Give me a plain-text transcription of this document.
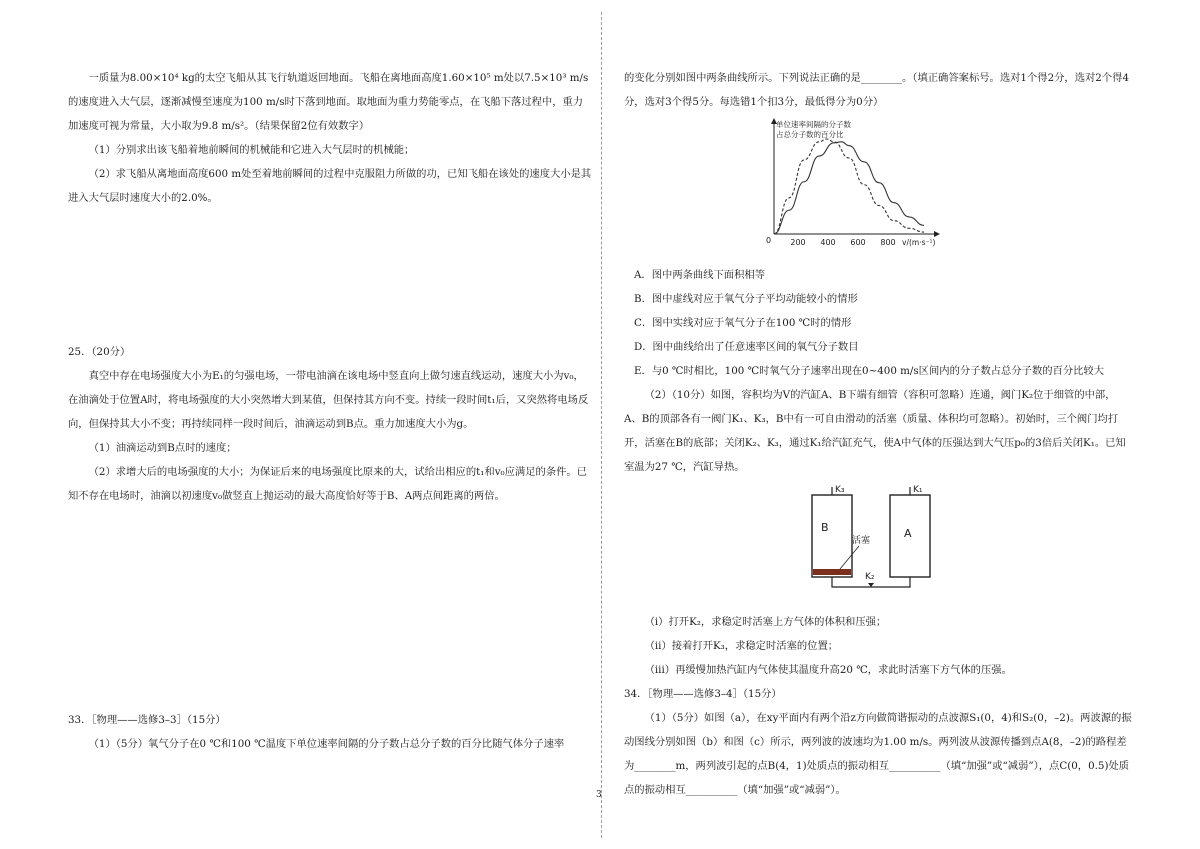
一质量为8.00×10⁴ kg的太空飞船从其飞行轨道返回地面。飞船在离地面高度1.60×10⁵ m处以7.5×10³ m/s的速度进入大气层，逐渐减慢至速度为100 m/s时下落到地面。取地面为重力势能零点，在飞船下落过程中，重力加速度可视为常量，大小取为9.8 m/s²。（结果保留2位有效数字）

（1）分别求出该飞船着地前瞬间的机械能和它进入大气层时的机械能；

（2）求飞船从离地面高度600 m处至着地前瞬间的过程中克服阻力所做的功，已知飞船在该处的速度大小是其进入大气层时速度大小的2.0%。

25．（20分）

真空中存在电场强度大小为E₁的匀强电场，一带电油滴在该电场中竖直向上做匀速直线运动，速度大小为v₀，在油滴处于位置A时，将电场强度的大小突然增大到某值，但保持其方向不变。持续一段时间t₁后，又突然将电场反向，但保持其大小不变；再持续同样一段时间后，油滴运动到B点。重力加速度大小为g。

（1）油滴运动到B点时的速度；

（2）求增大后的电场强度的大小；为保证后来的电场强度比原来的大，试给出相应的t₁和v₀应满足的条件。已知不存在电场时，油滴以初速度v₀做竖直上抛运动的最大高度恰好等于B、A两点间距离的两倍。

33．［物理——选修3–3］（15分）

（1）（5分）氧气分子在0 ℃和100 ℃温度下单位速率间隔的分子数占总分子数的百分比随气体分子速率

的变化分别如图中两条曲线所示。下列说法正确的是________。（填正确答案标号。选对1个得2分，选对2个得4分，选对3个得5分。每选错1个扣3分，最低得分为0分）

单位速率间隔的分子数
占总分子数的百分比
0 200 400 600 800 v/(m·s⁻¹)

A．图中两条曲线下面积相等

B．图中虚线对应于氧气分子平均动能较小的情形

C．图中实线对应于氧气分子在100 ℃时的情形

D．图中曲线给出了任意速率区间的氧气分子数目

E．与0 ℃时相比，100 ℃时氧气分子速率出现在0~400 m/s区间内的分子数占总分子数的百分比较大

（2）（10分）如图，容积均为V的汽缸A、B下端有细管（容积可忽略）连通，阀门K₂位于细管的中部，A、B的顶部各有一阀门K₁、K₃，B中有一可自由滑动的活塞（质量、体积均可忽略）。初始时，三个阀门均打开，活塞在B的底部；关闭K₂、K₃，通过K₁给汽缸充气，使A中气体的压强达到大气压p₀的3倍后关闭K₁。已知室温为27 ℃，汽缸导热。

K₃	K₁
K₂
B	A
活塞

（i）打开K₂，求稳定时活塞上方气体的体积和压强；

（ii）接着打开K₃，求稳定时活塞的位置；

（iii）再缓慢加热汽缸内气体使其温度升高20 ℃，求此时活塞下方气体的压强。

34．［物理——选修3–4］（15分）

（1）（5分）如图（a），在xy平面内有两个沿z方向做简谐振动的点波源S₁(0，4)和S₂(0，–2)。两波源的振动图线分别如图（b）和图（c）所示，两列波的波速均为1.00 m/s。两列波从波源传播到点A(8，–2)的路程差为________m，两列波引起的点B(4，1)处质点的振动相互__________（填“加强”或“减弱”），点C(0，0.5)处质点的振动相互__________（填“加强”或“减弱”）。

3
